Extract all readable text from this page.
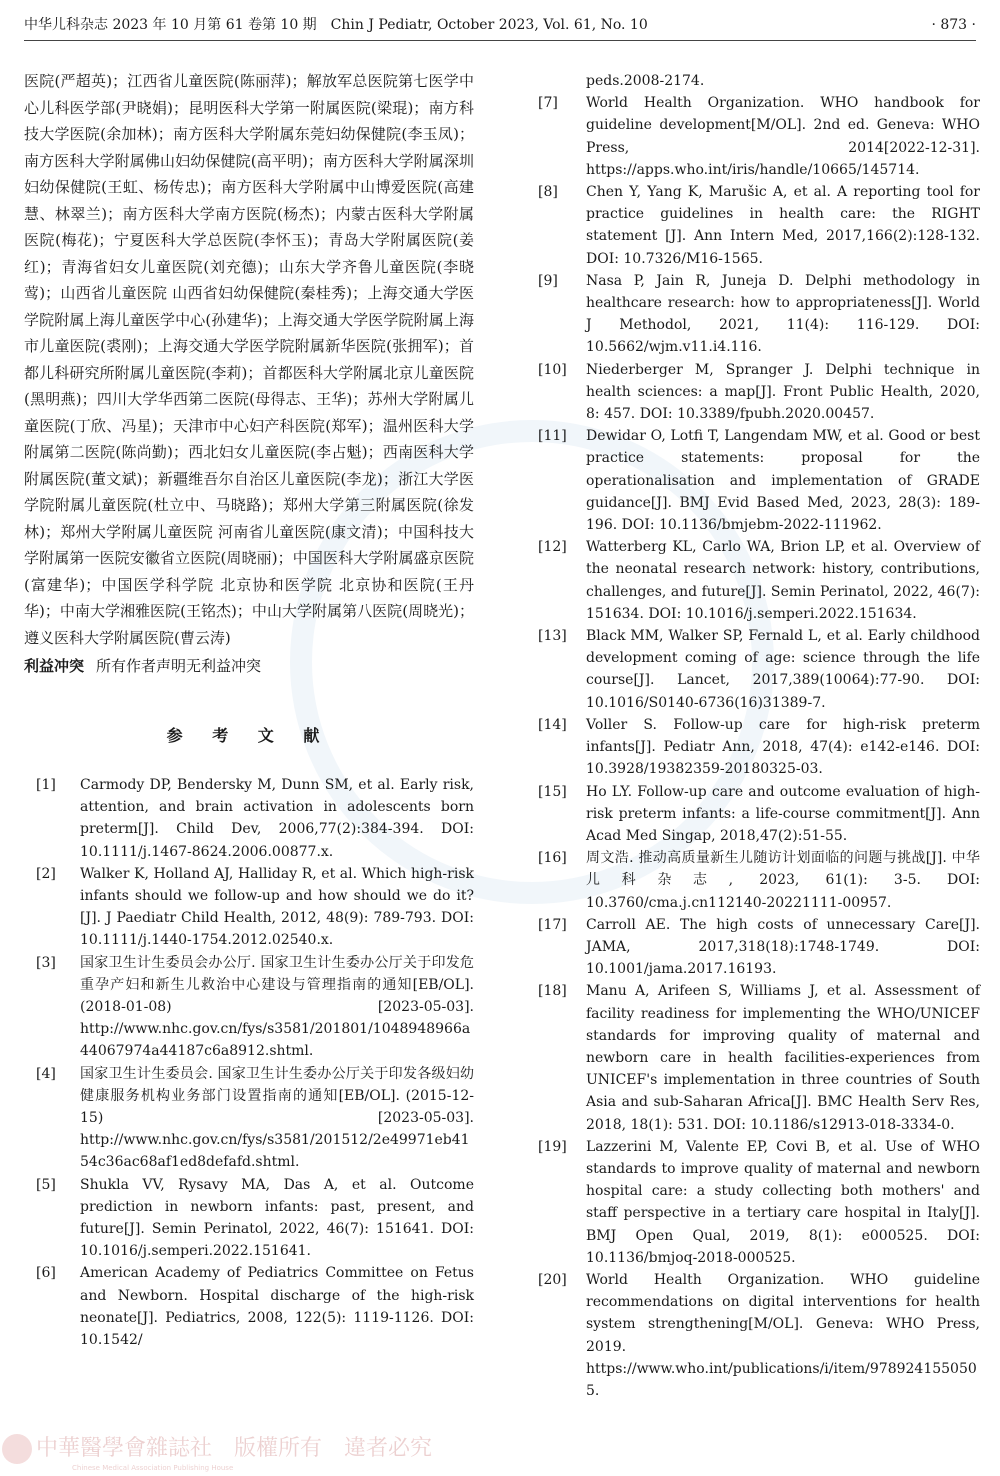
中华儿科杂志 2023 年 10 月第 61 卷第 10 期　Chin J Pediatr, October 2023, Vol. 61, No. 10	· 873 ·

医院(严超英)；江西省儿童医院(陈丽萍)；解放军总医院第七医学中心儿科医学部(尹晓娟)；昆明医科大学第一附属医院(梁琨)；南方科技大学医院(余加林)；南方医科大学附属东莞妇幼保健院(李玉凤)；南方医科大学附属佛山妇幼保健院(高平明)；南方医科大学附属深圳妇幼保健院(王虹、杨传忠)；南方医科大学附属中山博爱医院(高建慧、林翠兰)；南方医科大学南方医院(杨杰)；内蒙古医科大学附属医院(梅花)；宁夏医科大学总医院(李怀玉)；青岛大学附属医院(姜红)；青海省妇女儿童医院(刘充德)；山东大学齐鲁儿童医院(李晓莺)；山西省儿童医院 山西省妇幼保健院(秦桂秀)；上海交通大学医学院附属上海儿童医学中心(孙建华)；上海交通大学医学院附属上海市儿童医院(裘刚)；上海交通大学医学院附属新华医院(张拥军)；首都儿科研究所附属儿童医院(李莉)；首都医科大学附属北京儿童医院(黑明燕)；四川大学华西第二医院(母得志、王华)；苏州大学附属儿童医院(丁欣、冯星)；天津市中心妇产科医院(郑军)；温州医科大学附属第二医院(陈尚勤)；西北妇女儿童医院(李占魁)；西南医科大学附属医院(董文斌)；新疆维吾尔自治区儿童医院(李龙)；浙江大学医学院附属儿童医院(杜立中、马晓路)；郑州大学第三附属医院(徐发林)；郑州大学附属儿童医院 河南省儿童医院(康文清)；中国科技大学附属第一医院安徽省立医院(周晓丽)；中国医科大学附属盛京医院(富建华)；中国医学科学院 北京协和医学院 北京协和医院(王丹华)；中南大学湘雅医院(王铭杰)；中山大学附属第八医院(周晓光)；遵义医科大学附属医院(曹云涛)

利益冲突 所有作者声明无利益冲突
参 考 文 献
[1] Carmody DP, Bendersky M, Dunn SM, et al. Early risk, attention, and brain activation in adolescents born preterm[J]. Child Dev, 2006,77(2):384-394. DOI: 10.1111/j.1467-8624.2006.00877.x.
[2] Walker K, Holland AJ, Halliday R, et al. Which high-risk infants should we follow-up and how should we do it?[J]. J Paediatr Child Health, 2012, 48(9): 789-793. DOI: 10.1111/j.1440-1754.2012.02540.x.
[3] 国家卫生计生委员会办公厅. 国家卫生计生委办公厅关于印发危重孕产妇和新生儿救治中心建设与管理指南的通知[EB/OL]. (2018-01-08) [2023-05-03]. http://www.nhc.gov.cn/fys/s3581/201801/1048948966a44067974a44187c6a8912.shtml.
[4] 国家卫生计生委员会. 国家卫生计生委办公厅关于印发各级妇幼健康服务机构业务部门设置指南的通知[EB/OL]. (2015-12-15) [2023-05-03]. http://www.nhc.gov.cn/fys/s3581/201512/2e49971eb4154c36ac68af1ed8defafd.shtml.
[5] Shukla VV, Rysavy MA, Das A, et al. Outcome prediction in newborn infants: past, present, and future[J]. Semin Perinatol, 2022, 46(7): 151641. DOI: 10.1016/j.semperi.2022.151641.
[6] American Academy of Pediatrics Committee on Fetus and Newborn. Hospital discharge of the high-risk neonate[J]. Pediatrics, 2008, 122(5): 1119-1126. DOI: 10.1542/
peds.2008-2174.
[7] World Health Organization. WHO handbook for guideline development[M/OL]. 2nd ed. Geneva: WHO Press, 2014[2022-12-31]. https://apps.who.int/iris/handle/10665/145714.
[8] Chen Y, Yang K, Marušic A, et al. A reporting tool for practice guidelines in health care: the RIGHT statement [J]. Ann Intern Med, 2017,166(2):128-132. DOI: 10.7326/M16-1565.
[9] Nasa P, Jain R, Juneja D. Delphi methodology in healthcare research: how to appropriateness[J]. World J Methodol, 2021, 11(4): 116-129. DOI: 10.5662/wjm.v11.i4.116.
[10] Niederberger M, Spranger J. Delphi technique in health sciences: a map[J]. Front Public Health, 2020, 8: 457. DOI: 10.3389/fpubh.2020.00457.
[11] Dewidar O, Lotfi T, Langendam MW, et al. Good or best practice statements: proposal for the operationalisation and implementation of GRADE guidance[J]. BMJ Evid Based Med, 2023, 28(3): 189-196. DOI: 10.1136/bmjebm-2022-111962.
[12] Watterberg KL, Carlo WA, Brion LP, et al. Overview of the neonatal research network: history, contributions, challenges, and future[J]. Semin Perinatol, 2022, 46(7): 151634. DOI: 10.1016/j.semperi.2022.151634.
[13] Black MM, Walker SP, Fernald L, et al. Early childhood development coming of age: science through the life course[J]. Lancet, 2017,389(10064):77-90. DOI: 10.1016/S0140-6736(16)31389-7.
[14] Voller S. Follow-up care for high-risk preterm infants[J]. Pediatr Ann, 2018, 47(4): e142-e146. DOI: 10.3928/19382359-20180325-03.
[15] Ho LY. Follow-up care and outcome evaluation of high-risk preterm infants: a life-course commitment[J]. Ann Acad Med Singap, 2018,47(2):51-55.
[16] 周文浩. 推动高质量新生儿随访计划面临的问题与挑战[J]. 中华儿科杂志, 2023, 61(1): 3-5. DOI: 10.3760/cma.j.cn112140-20221111-00957.
[17] Carroll AE. The high costs of unnecessary Care[J]. JAMA, 2017,318(18):1748-1749. DOI: 10.1001/jama.2017.16193.
[18] Manu A, Arifeen S, Williams J, et al. Assessment of facility readiness for implementing the WHO/UNICEF standards for improving quality of maternal and newborn care in health facilities-experiences from UNICEF's implementation in three countries of South Asia and sub-Saharan Africa[J]. BMC Health Serv Res, 2018, 18(1): 531. DOI: 10.1186/s12913-018-3334-0.
[19] Lazzerini M, Valente EP, Covi B, et al. Use of WHO standards to improve quality of maternal and newborn hospital care: a study collecting both mothers' and staff perspective in a tertiary care hospital in Italy[J]. BMJ Open Qual, 2019, 8(1): e000525. DOI: 10.1136/bmjoq-2018-000525.
[20] World Health Organization. WHO guideline recommendations on digital interventions for health system strengthening[M/OL]. Geneva: WHO Press, 2019. https://www.who.int/publications/i/item/9789241550505.
中華醫學會雜誌社　版權所有　違者必究
Chinese Medical Association Publishing House
